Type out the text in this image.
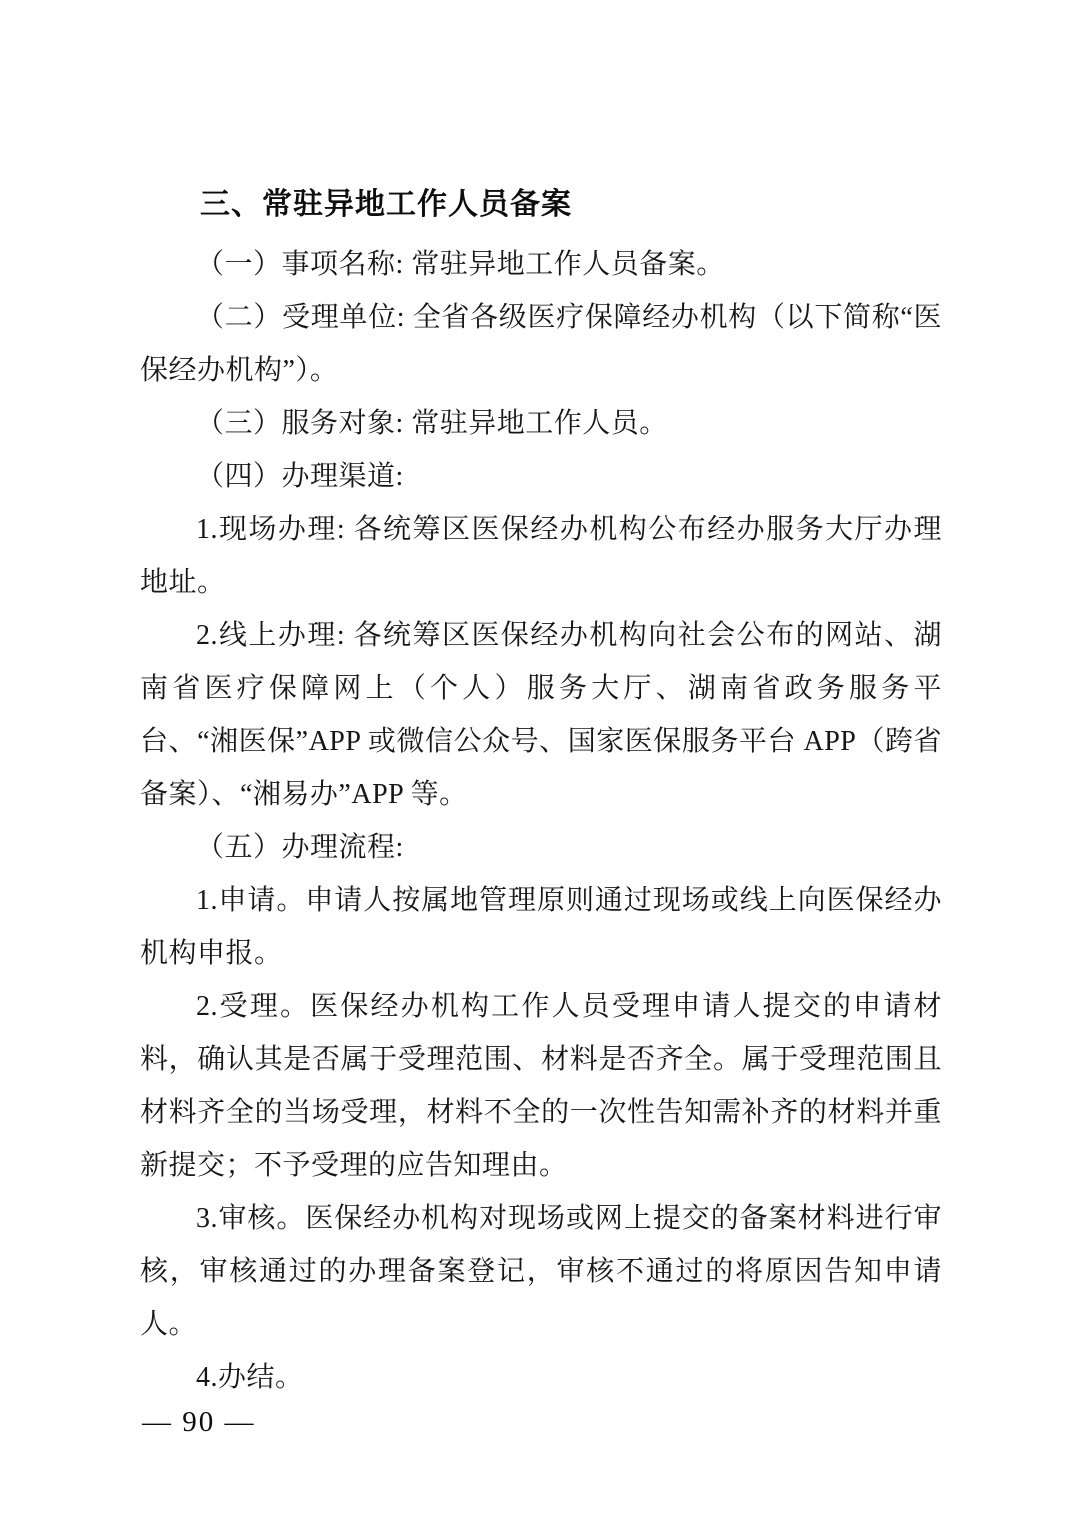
三、常驻异地工作人员备案

（一）事项名称: 常驻异地工作人员备案。

（二）受理单位: 全省各级医疗保障经办机构（以下简称“医保经办机构”）。

（三）服务对象: 常驻异地工作人员。

（四）办理渠道:

1.现场办理: 各统筹区医保经办机构公布经办服务大厅办理地址。

2.线上办理: 各统筹区医保经办机构向社会公布的网站、湖南省医疗保障网上（个人）服务大厅、湖南省政务服务平台、“湘医保”APP 或微信公众号、国家医保服务平台 APP（跨省备案）、“湘易办”APP 等。

（五）办理流程:

1.申请。申请人按属地管理原则通过现场或线上向医保经办机构申报。

2.受理。医保经办机构工作人员受理申请人提交的申请材料，确认其是否属于受理范围、材料是否齐全。属于受理范围且材料齐全的当场受理，材料不全的一次性告知需补齐的材料并重新提交；不予受理的应告知理由。

3.审核。医保经办机构对现场或网上提交的备案材料进行审核，审核通过的办理备案登记，审核不通过的将原因告知申请人。

4.办结。

— 90 —
